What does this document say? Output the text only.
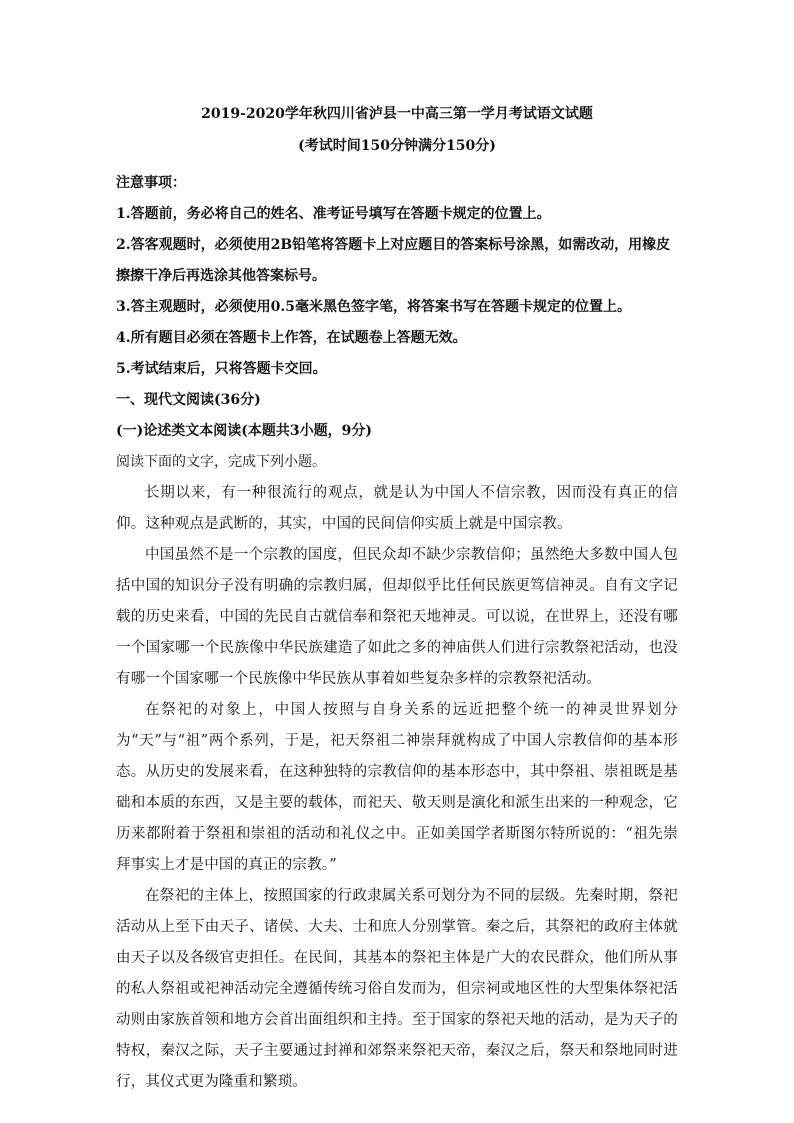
2019-2020学年秋四川省泸县一中高三第一学月考试语文试题

(考试时间150分钟满分150分)

注意事项：

1.答题前，务必将自己的姓名、准考证号填写在答题卡规定的位置上。

2.答客观题时，必须使用2B铅笔将答题卡上对应题目的答案标号涂黑，如需改动，用橡皮擦擦干净后再选涂其他答案标号。

3.答主观题时，必须使用0.5毫米黑色签字笔，将答案书写在答题卡规定的位置上。

4.所有题目必须在答题卡上作答，在试题卷上答题无效。

5.考试结束后，只将答题卡交回。

一、现代文阅读(36分)

(一)论述类文本阅读(本题共3小题，9分)

阅读下面的文字，完成下列小题。

长期以来，有一种很流行的观点，就是认为中国人不信宗教，因而没有真正的信仰。这种观点是武断的，其实，中国的民间信仰实质上就是中国宗教。

中国虽然不是一个宗教的国度，但民众却不缺少宗教信仰；虽然绝大多数中国人包括中国的知识分子没有明确的宗教归属，但却似乎比任何民族更笃信神灵。自有文字记载的历史来看，中国的先民自古就信奉和祭祀天地神灵。可以说，在世界上，还没有哪一个国家哪一个民族像中华民族建造了如此之多的神庙供人们进行宗教祭祀活动，也没有哪一个国家哪一个民族像中华民族从事着如些复杂多样的宗教祭祀活动。

在祭祀的对象上，中国人按照与自身关系的远近把整个统一的神灵世界划分为“天”与“祖”两个系列，于是，祀天祭祖二神崇拜就构成了中国人宗教信仰的基本形态。从历史的发展来看，在这种独特的宗教信仰的基本形态中，其中祭祖、崇祖既是基础和本质的东西，又是主要的载体，而祀天、敬天则是演化和派生出来的一种观念，它历来都附着于祭祖和崇祖的活动和礼仪之中。正如美国学者斯图尔特所说的：“祖先崇拜事实上才是中国的真正的宗教。”

在祭祀的主体上，按照国家的行政隶属关系可划分为不同的层级。先秦时期，祭祀活动从上至下由天子、诸侯、大夫、士和庶人分别掌管。秦之后，其祭祀的政府主体就由天子以及各级官吏担任。在民间，其基本的祭祀主体是广大的农民群众，他们所从事的私人祭祖或祀神活动完全遵循传统习俗自发而为，但宗祠或地区性的大型集体祭祀活动则由家族首领和地方会首出面组织和主持。至于国家的祭祀天地的活动，是为天子的特权，秦汉之际，天子主要通过封禅和郊祭来祭祀天帝，秦汉之后，祭天和祭地同时进行，其仪式更为隆重和繁琐。
